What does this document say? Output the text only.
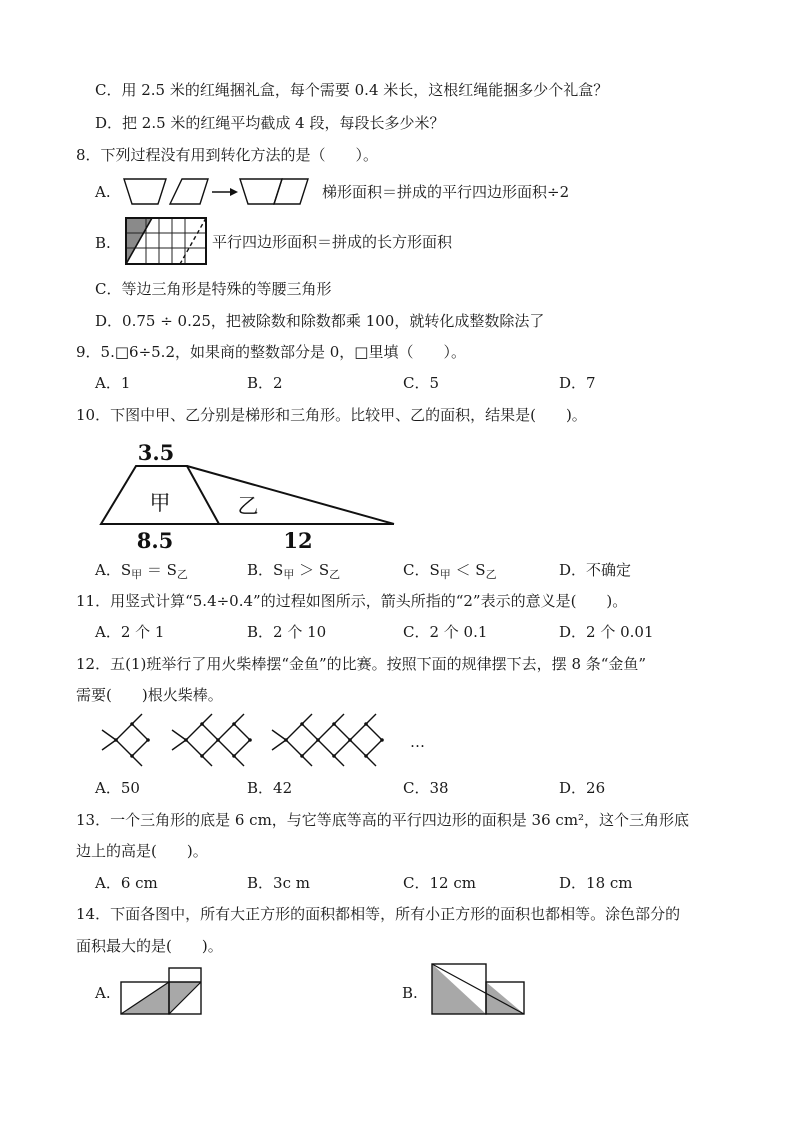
C．用 2.5 米的红绳捆礼盒，每个需要 0.4 米长，这根红绳能捆多少个礼盒？
D．把 2.5 米的红绳平均截成 4 段，每段长多少米？
8．下列过程没有用到转化方法的是（　　）。
A.	梯形面积＝拼成的平行四边形面积÷2
B.	平行四边形面积＝拼成的长方形面积
C．等边三角形是特殊的等腰三角形
D．0.75 ÷ 0.25，把被除数和除数都乘 100，就转化成整数除法了
9．5.□6÷5.2，如果商的整数部分是 0，□里填（　　）。
A．1	B．2	C．5	D．7
10．下图中甲、乙分别是梯形和三角形。比较甲、乙的面积，结果是(　　)。
3.5
甲	乙
8.5	12
A．$S_甲 = S_乙$	B．$S_甲 > S_乙$	C．$S_甲 < S_乙$	D．不确定
11．用竖式计算“5.4÷0.4”的过程如图所示，箭头所指的“2”表示的意义是(　　)。
A．2 个 1	B．2 个 10	C．2 个 0.1	D．2 个 0.01
12．五(1)班举行了用火柴棒摆“金鱼”的比赛。按照下面的规律摆下去，摆 8 条“金鱼”
需要(　　)根火柴棒。
…
A．50	B．42	C．38	D．26
13．一个三角形的底是 6 cm，与它等底等高的平行四边形的面积是 36 cm²，这个三角形底
边上的高是(　　)。
A．6 cm	B．3c m	C．12 cm	D．18 cm
14．下面各图中，所有大正方形的面积都相等，所有小正方形的面积也都相等。涂色部分的
面积最大的是(　　)。
A.	B.
